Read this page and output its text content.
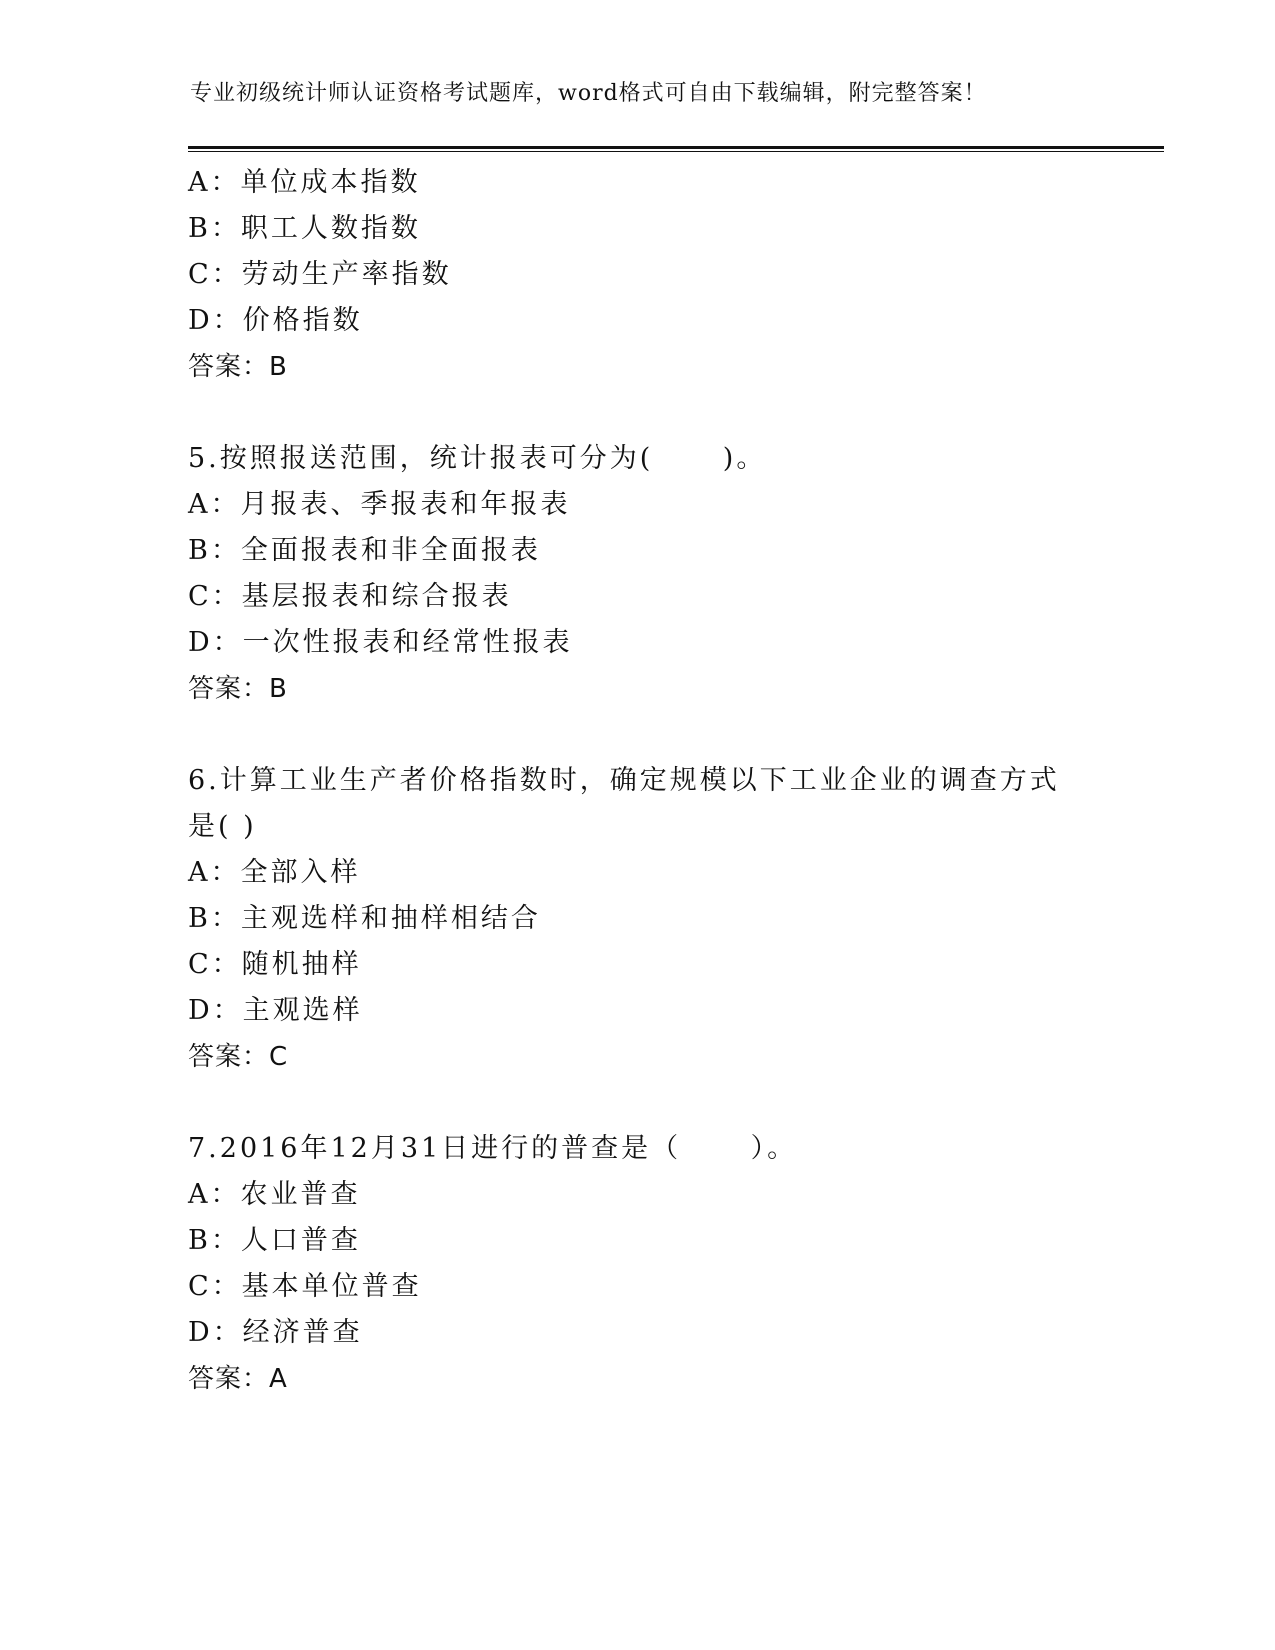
专业初级统计师认证资格考试题库，word格式可自由下载编辑，附完整答案！
A：单位成本指数
B：职工人数指数
C：劳动生产率指数
D：价格指数
答案：B
5.按照报送范围，统计报表可分为(      )。
A：月报表、季报表和年报表
B：全面报表和非全面报表
C：基层报表和综合报表
D：一次性报表和经常性报表
答案：B
6.计算工业生产者价格指数时，确定规模以下工业企业的调查方式是( )
A：全部入样
B：主观选样和抽样相结合
C：随机抽样
D：主观选样
答案：C
7.2016年12月31日进行的普查是（      ）。
A：农业普查
B：人口普查
C：基本单位普查
D：经济普查
答案：A
